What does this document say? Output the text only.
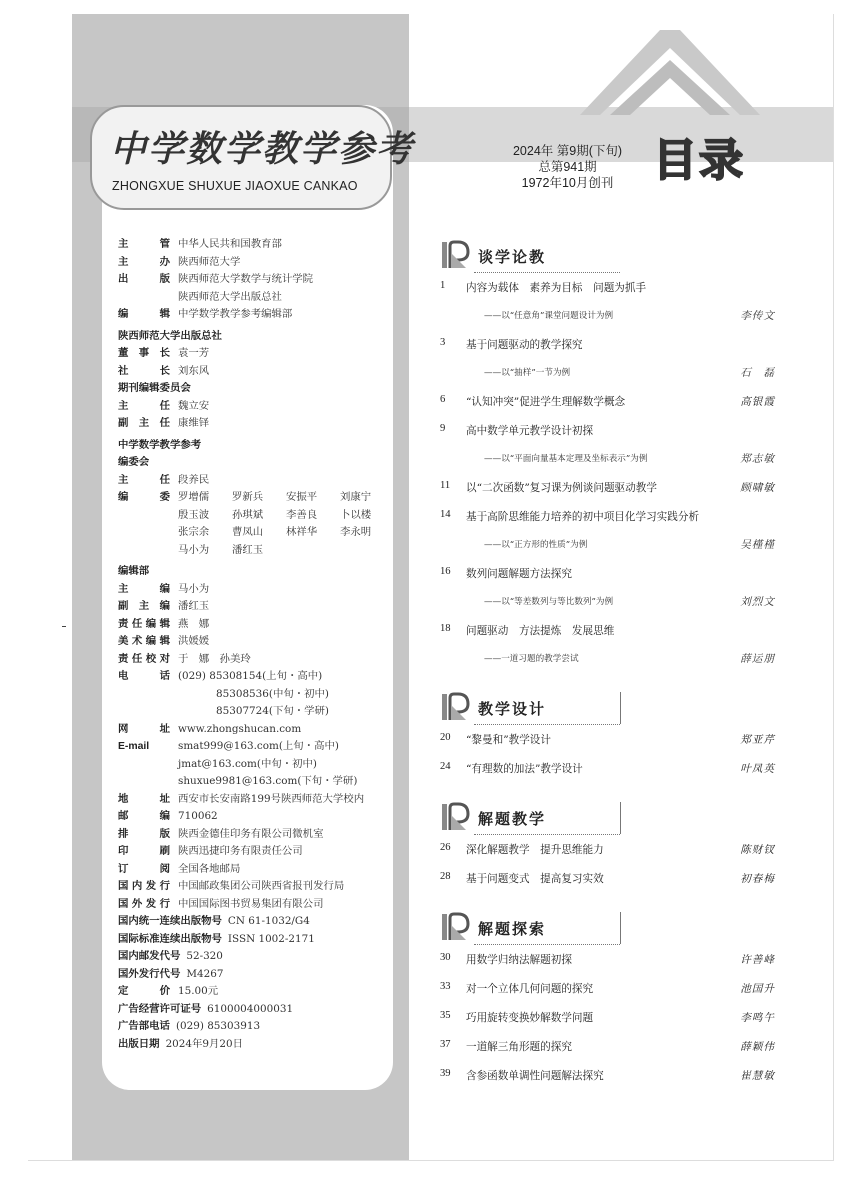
中学数学教学参考
ZHONGXUE SHUXUE JIAOXUE CANKAO
2024年 第9期(下旬)
总第941期
1972年10月创刊 目录
主　管 中华人民共和国教育部
主　办 陕西师范大学
出　版 陕西师范大学数学与统计学院
陕西师范大学出版总社
编　辑 中学数学教学参考编辑部
陕西师范大学出版总社
董 事 长 袁一芳
社　长 刘东风
期刊编辑委员会
主　任 魏立安
副 主 任 康维铎
中学数学教学参考
编委会
主　任 段养民
编　委 罗增儒	罗新兵	安振平	刘康宁
殷玉波	孙琪斌	李善良	卜以楼
张宗余	曹凤山	林祥华	李永明
马小为	潘红玉
编辑部
主　编 马小为
副 主 编 潘红玉
责任编辑 燕　娜
美术编辑 洪媛媛
责任校对 于　娜　孙美玲
电　话 (029) 85308154(上旬・高中)
85308536(中旬・初中)
85307724(下旬・学研)
网　址 www.zhongshucan.com
E-mail	smat999@163.com(上旬・高中)
jmat@163.com(中旬・初中)
shuxue9981@163.com(下旬・学研)
地　址 西安市长安南路199号陕西师范大学校内
邮　编 710062
排　版 陕西金德佳印务有限公司微机室
印　刷 陕西迅捷印务有限责任公司
订　阅 全国各地邮局
国内发行 中国邮政集团公司陕西省报刊发行局
国外发行 中国国际图书贸易集团有限公司
国内统一连续出版物号 CN 61-1032/G4
国际标准连续出版物号 ISSN 1002-2171
国内邮发代号 52-320
国外发行代号 M4267
定　价 15.00元
广告经营许可证号 6100004000031
广告部电话 (029) 85303913
出版日期 2024年9月20日
谈学论教
1 内容为载体　素养为目标　问题为抓手
——以“任意角”课堂问题设计为例	李传文
3 基于问题驱动的教学探究
——以“抽样”一节为例	石　磊
6 “认知冲突”促进学生理解数学概念	高银霞
9 高中数学单元教学设计初探
——以“平面向量基本定理及坐标表示”为例	郑志敏
11 以“二次函数”复习课为例谈问题驱动教学	顾啸敏
14 基于高阶思维能力培养的初中项目化学习实践分析
——以“正方形的性质”为例	吴槿槿
16 数列问题解题方法探究
——以“等差数列与等比数列”为例	刘烈文
18 问题驱动　方法提炼　发展思维
——一道习题的教学尝试	薛运朋
教学设计
20 “黎曼和”教学设计	郑亚芹
24 “有理数的加法”教学设计	叶凤英
解题教学
26 深化解题教学　提升思维能力	陈财钗
28 基于问题变式　提高复习实效	初春梅
解题探索
30 用数学归纳法解题初探	许善峰
33 对一个立体几何问题的探究	池国升
35 巧用旋转变换妙解数学问题	李鸣午
37 一道解三角形题的探究	薛颖伟
39 含参函数单调性问题解法探究	崔慧敏
